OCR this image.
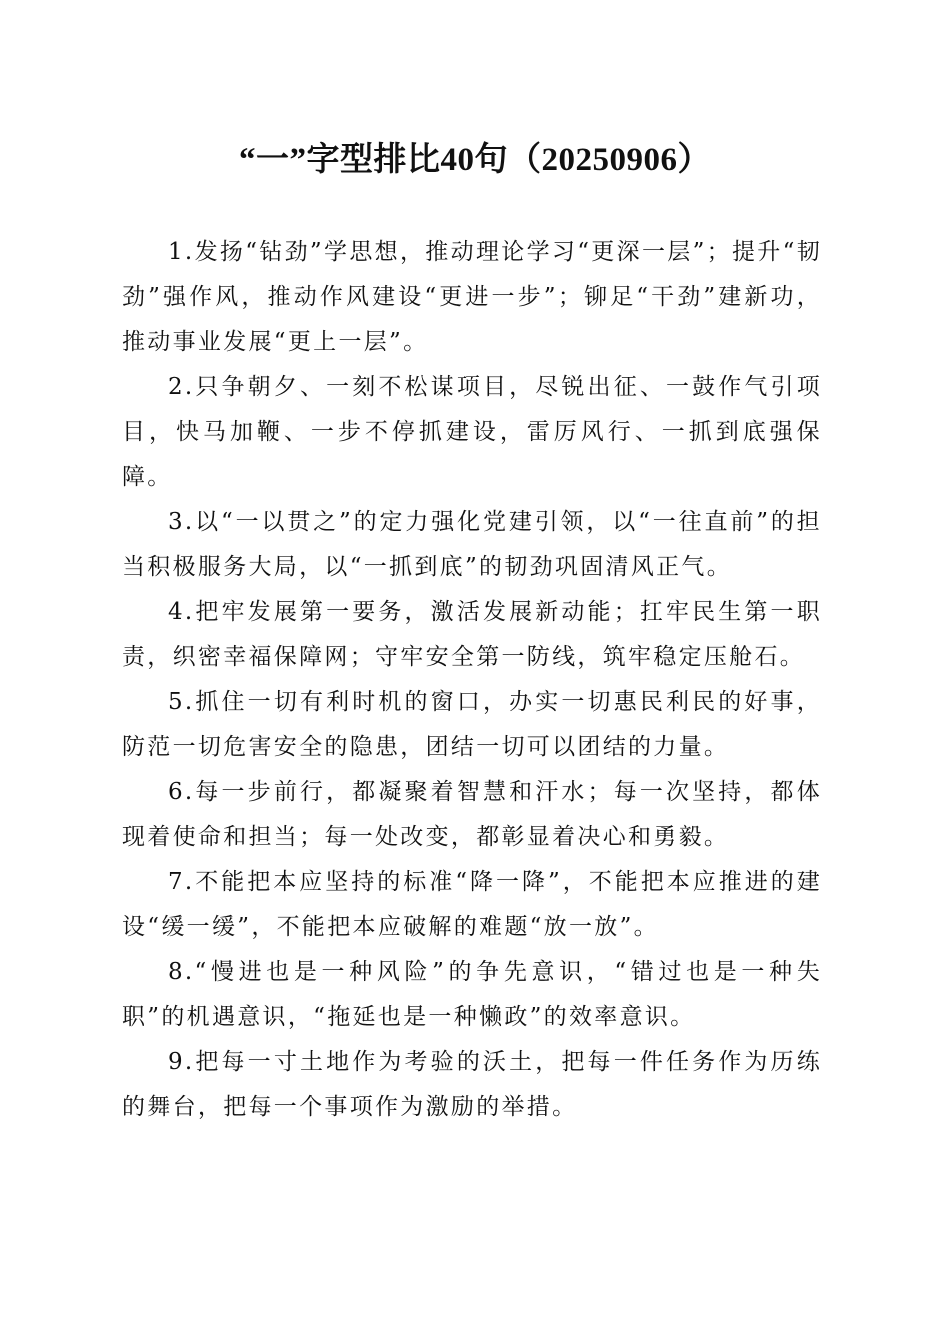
“一”字型排比40句（20250906）

1.发扬“钻劲”学思想，推动理论学习“更深一层”；提升“韧劲”强作风，推动作风建设“更进一步”；铆足“干劲”建新功，推动事业发展“更上一层”。

2.只争朝夕、一刻不松谋项目，尽锐出征、一鼓作气引项目，快马加鞭、一步不停抓建设，雷厉风行、一抓到底强保障。

3.以“一以贯之”的定力强化党建引领，以“一往直前”的担当积极服务大局，以“一抓到底”的韧劲巩固清风正气。

4.把牢发展第一要务，激活发展新动能；扛牢民生第一职责，织密幸福保障网；守牢安全第一防线，筑牢稳定压舱石。

5.抓住一切有利时机的窗口，办实一切惠民利民的好事，防范一切危害安全的隐患，团结一切可以团结的力量。

6.每一步前行，都凝聚着智慧和汗水；每一次坚持，都体现着使命和担当；每一处改变，都彰显着决心和勇毅。

7.不能把本应坚持的标准“降一降”，不能把本应推进的建设“缓一缓”，不能把本应破解的难题“放一放”。

8.“慢进也是一种风险”的争先意识，“错过也是一种失职”的机遇意识，“拖延也是一种懒政”的效率意识。

9.把每一寸土地作为考验的沃土，把每一件任务作为历练的舞台，把每一个事项作为激励的举措。
